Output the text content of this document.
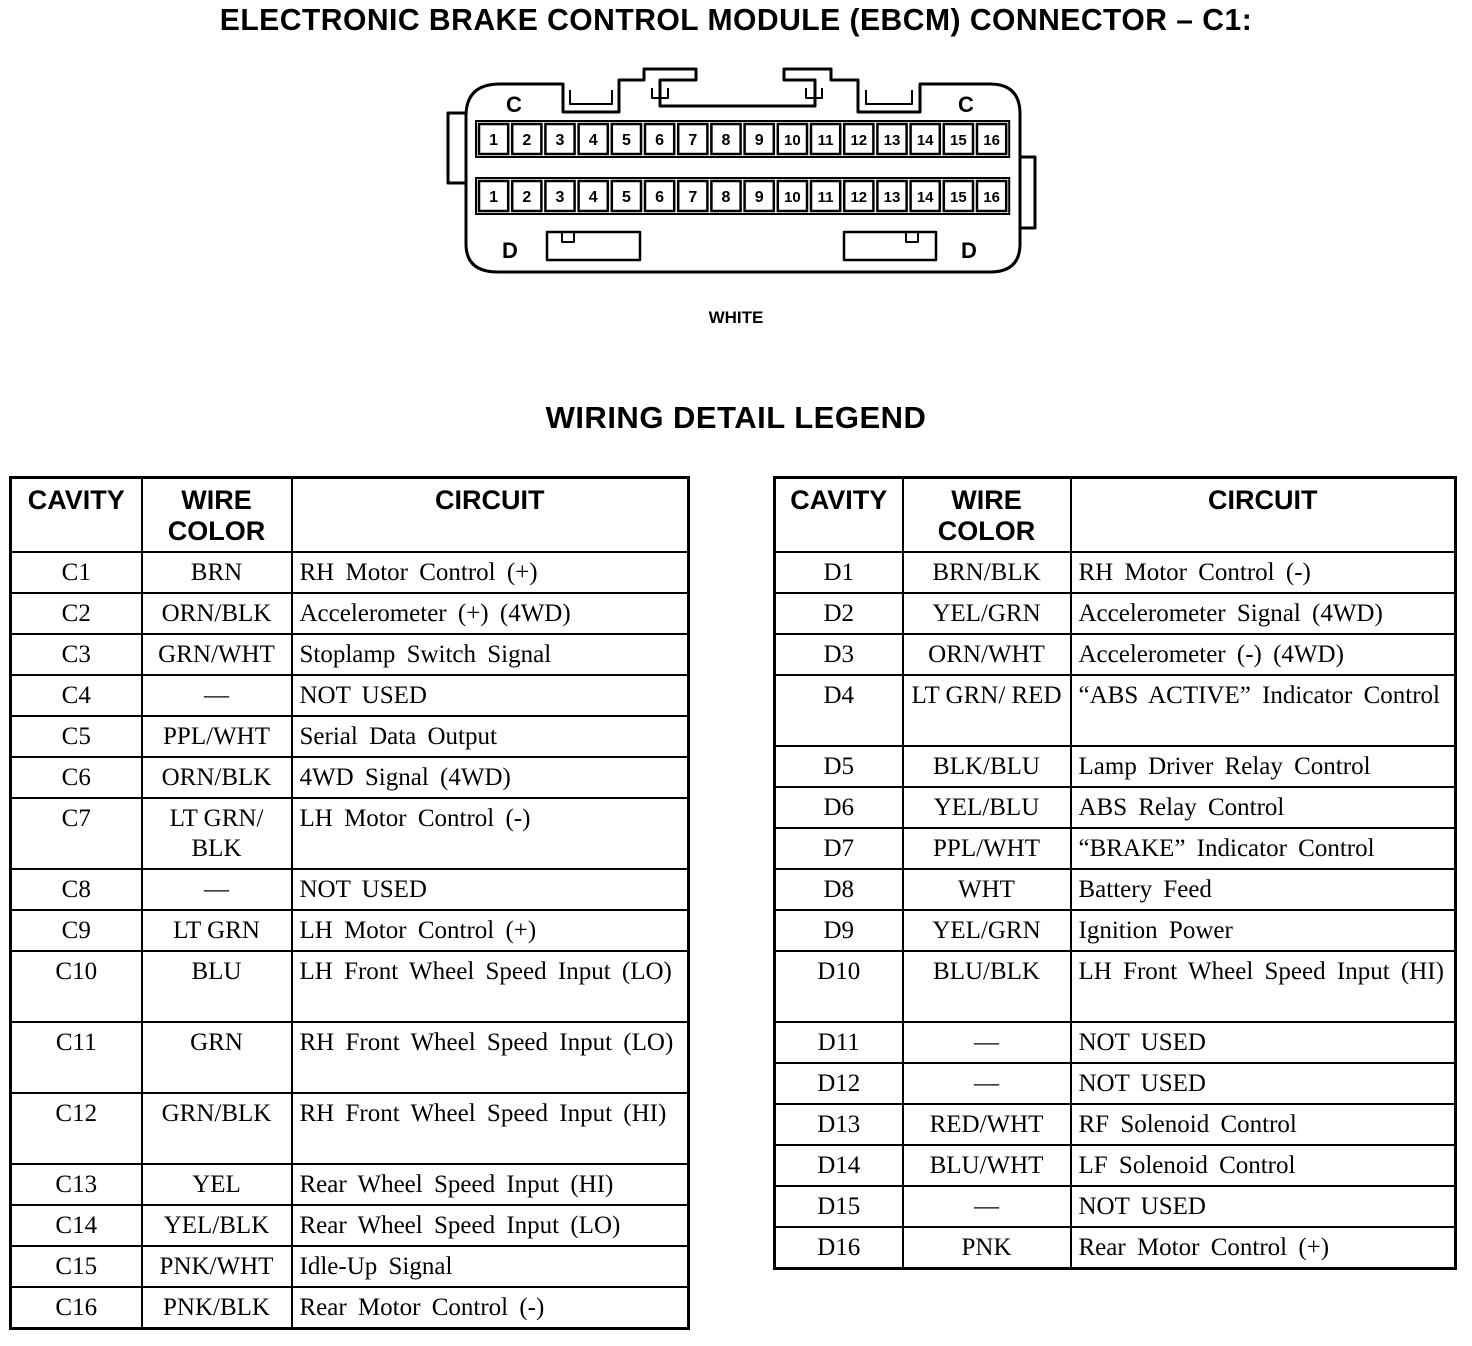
ELECTRONIC BRAKE CONTROL MODULE (EBCM) CONNECTOR – C1:
1 2 3 4 5 6 7 8 9 10 11 12 13 14 15 16
1 2 3 4 5 6 7 8 9 10 11 12 13 14 15 16
C	C
D	D
WHITE
WIRING DETAIL LEGEND
CAVITY	WIRE COLOR	CIRCUIT
C1	BRN	RH Motor Control (+)
C2	ORN/BLK	Accelerometer (+) (4WD)
C3	GRN/WHT	Stoplamp Switch Signal
C4	—	NOT USED
C5	PPL/WHT	Serial Data Output
C6	ORN/BLK	4WD Signal (4WD)
C7	LT GRN/ BLK	LH Motor Control (-)
C8	—	NOT USED
C9	LT GRN	LH Motor Control (+)
C10	BLU	LH Front Wheel Speed Input (LO)
C11	GRN	RH Front Wheel Speed Input (LO)
C12	GRN/BLK	RH Front Wheel Speed Input (HI)
C13	YEL	Rear Wheel Speed Input (HI)
C14	YEL/BLK	Rear Wheel Speed Input (LO)
C15	PNK/WHT	Idle-Up Signal
C16	PNK/BLK	Rear Motor Control (-)
CAVITY	WIRE COLOR	CIRCUIT
D1	BRN/BLK	RH Motor Control (-)
D2	YEL/GRN	Accelerometer Signal (4WD)
D3	ORN/WHT	Accelerometer (-) (4WD)
D4	LT GRN/ RED	“ABS ACTIVE” Indicator Control
D5	BLK/BLU	Lamp Driver Relay Control
D6	YEL/BLU	ABS Relay Control
D7	PPL/WHT	“BRAKE” Indicator Control
D8	WHT	Battery Feed
D9	YEL/GRN	Ignition Power
D10	BLU/BLK	LH Front Wheel Speed Input (HI)
D11	—	NOT USED
D12	—	NOT USED
D13	RED/WHT	RF Solenoid Control
D14	BLU/WHT	LF Solenoid Control
D15	—	NOT USED
D16	PNK	Rear Motor Control (+)
